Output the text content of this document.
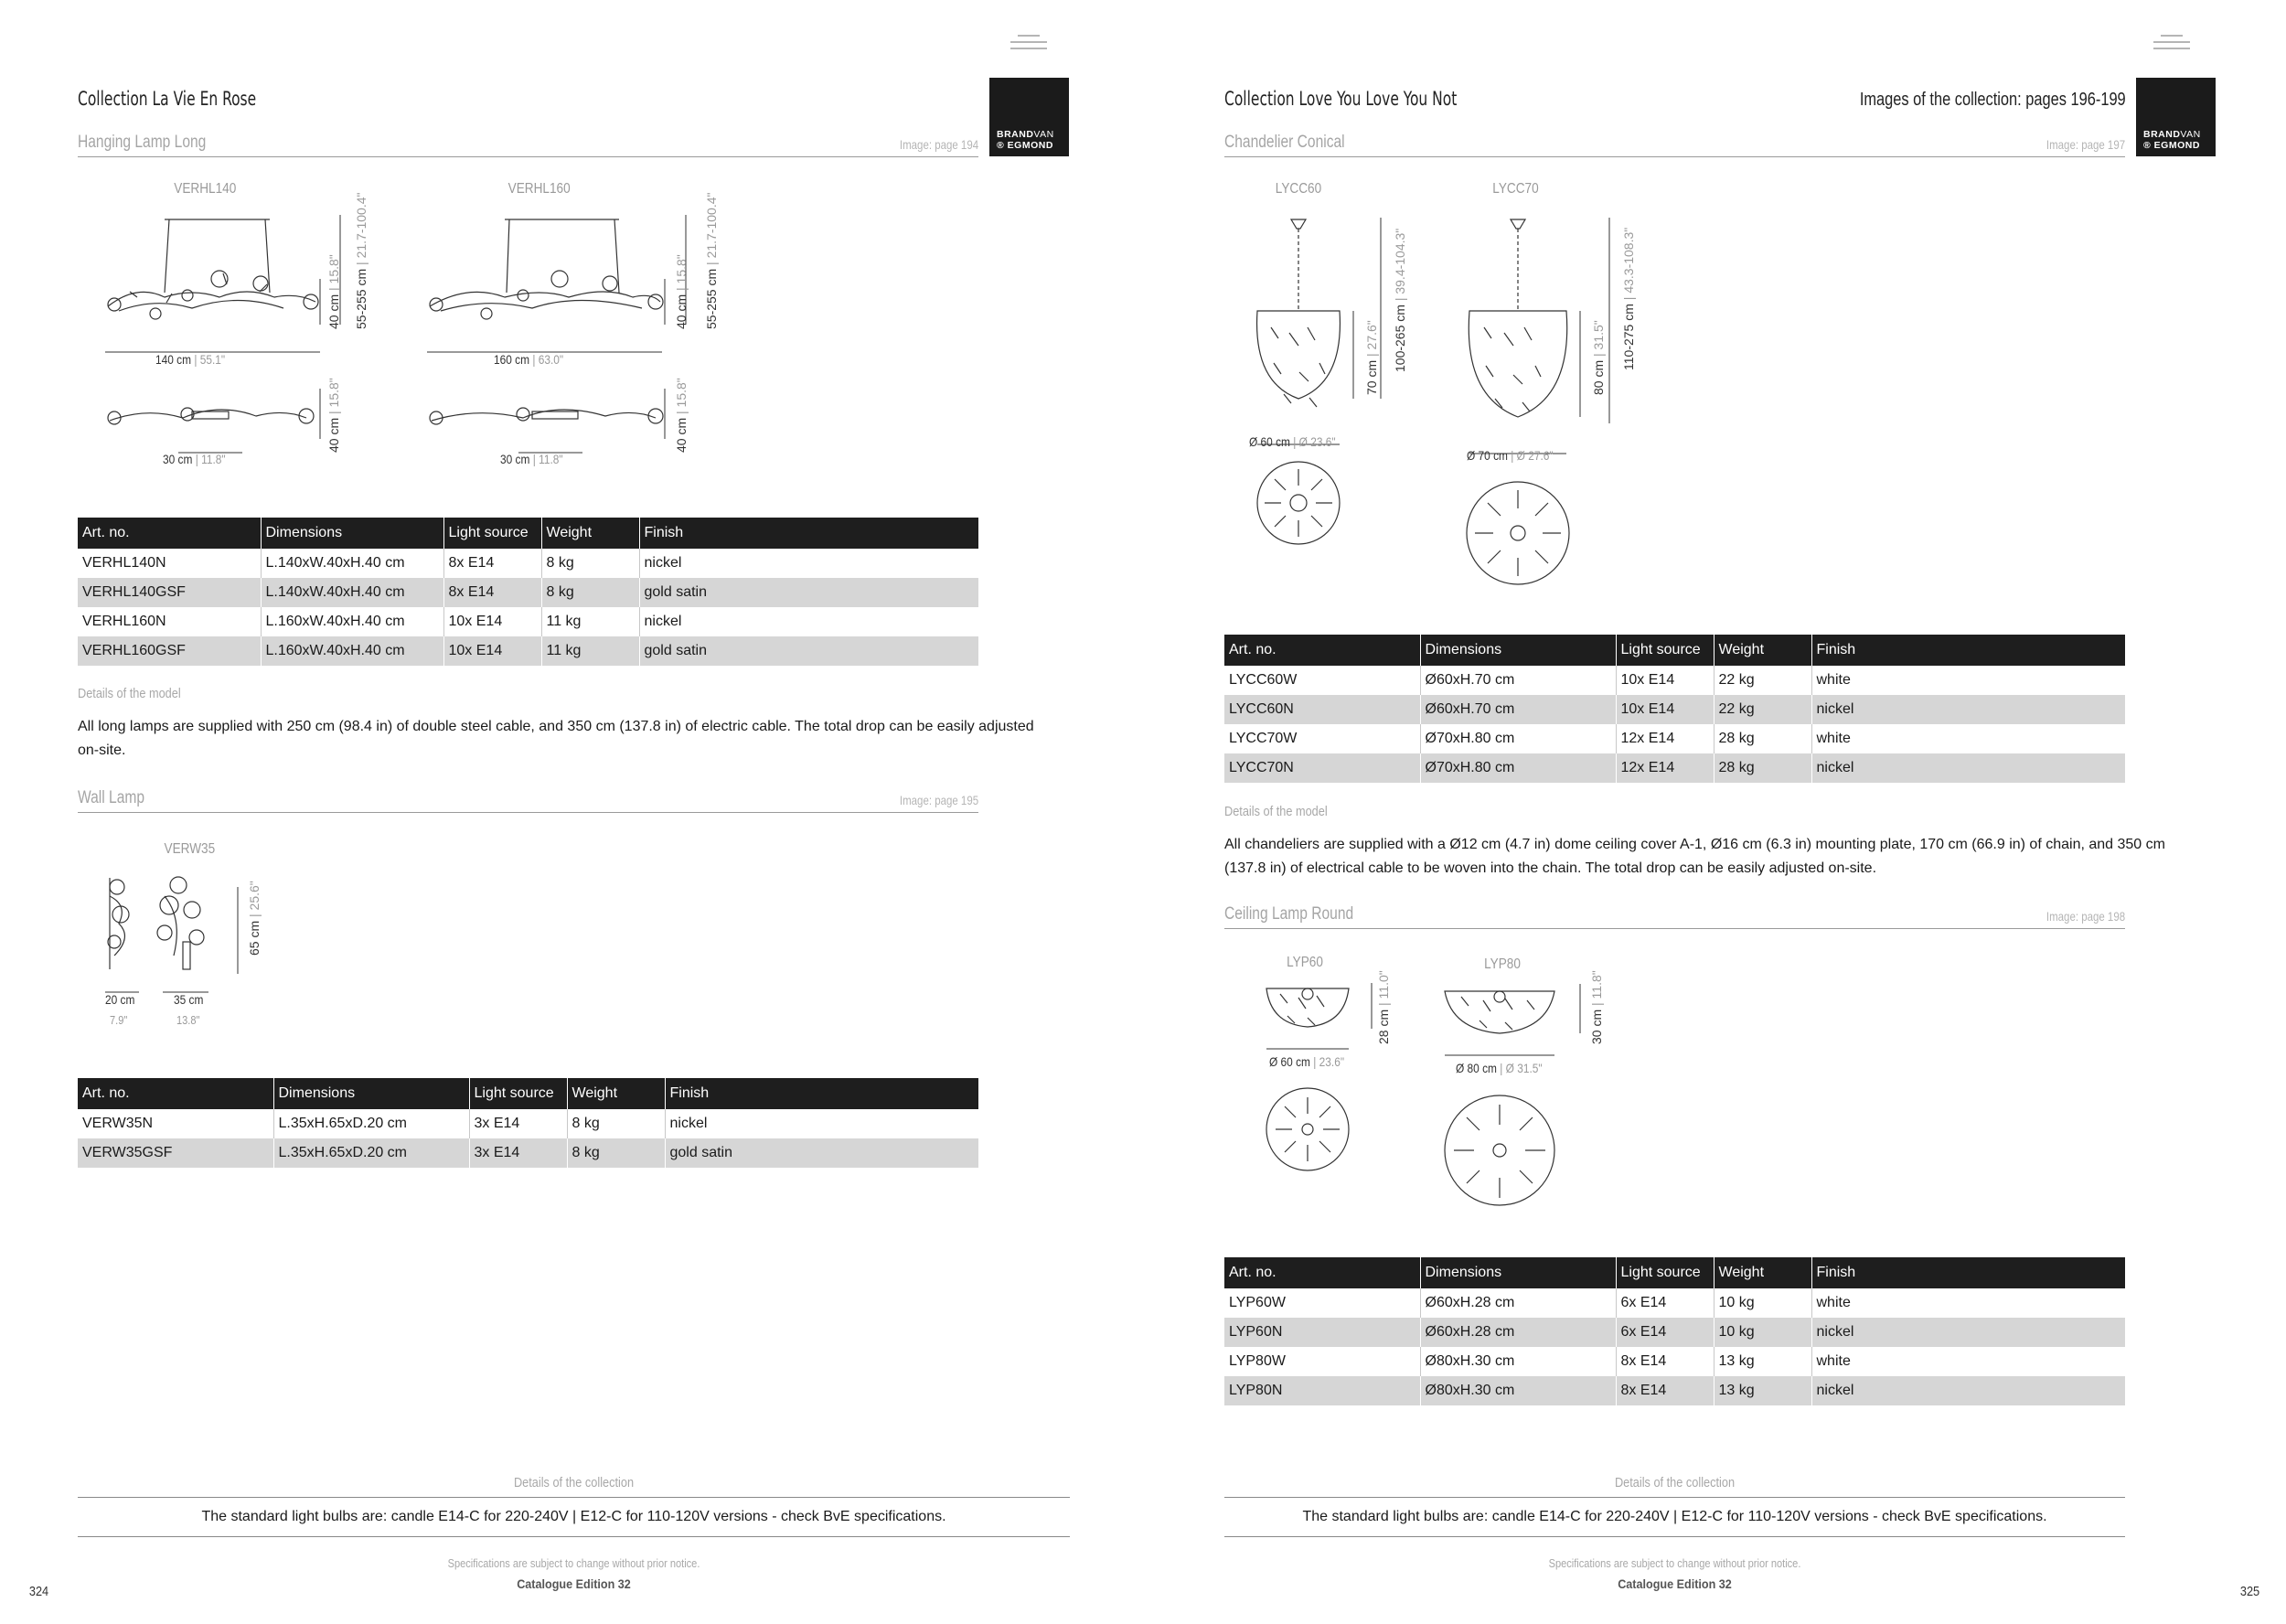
BRANDVAN
® EGMOND
Collection La Vie En Rose
Hanging Lamp Long	Image: page 194
VERHL140
140 cm | 55.1"
40 cm | 15.8" 55-255 cm | 21.7-100.4"
30 cm | 11.8"
40 cm | 15.8"
VERHL160
160 cm | 63.0"
40 cm | 15.8" 55-255 cm | 21.7-100.4"
30 cm | 11.8"
40 cm | 15.8"
Art. no.	Dimensions	Light source	Weight	Finish
VERHL140N	L.140xW.40xH.40 cm	8x E14	8 kg	nickel
VERHL140GSF	L.140xW.40xH.40 cm	8x E14	8 kg	gold satin
VERHL160N	L.160xW.40xH.40 cm	10x E14	11 kg	nickel
VERHL160GSF	L.160xW.40xH.40 cm	10x E14	11 kg	gold satin
Details of the model
All long lamps are supplied with 250 cm (98.4 in) of double steel cable, and 350 cm (137.8 in) of electric cable. The total drop can be easily adjusted on-site.
Wall Lamp	Image: page 195
VERW35
65 cm | 25.6"
20 cm
7.9"
35 cm
13.8"
Art. no.	Dimensions	Light source	Weight	Finish
VERW35N	L.35xH.65xD.20 cm	3x E14	8 kg	nickel
VERW35GSF	L.35xH.65xD.20 cm	3x E14	8 kg	gold satin
Details of the collection
The standard light bulbs are: candle E14-C for 220-240V | E12-C for 110-120V versions - check BvE specifications.
Specifications are subject to change without prior notice.
Catalogue Edition 32
324
BRANDVAN
® EGMOND
Collection Love You Love You Not	Images of the collection: pages 196-199
Chandelier Conical	Image: page 197
LYCC60
Ø 60 cm | Ø 23.6"
70 cm | 27.6" 100-265 cm | 39.4-104.3"
LYCC70
Ø 70 cm | Ø 27.6"
80 cm | 31.5" 110-275 cm | 43.3-108.3"
Art. no.	Dimensions	Light source	Weight	Finish
LYCC60W	Ø60xH.70 cm	10x E14	22 kg	white
LYCC60N	Ø60xH.70 cm	10x E14	22 kg	nickel
LYCC70W	Ø70xH.80 cm	12x E14	28 kg	white
LYCC70N	Ø70xH.80 cm	12x E14	28 kg	nickel
Details of the model
All chandeliers are supplied with a Ø12 cm (4.7 in) dome ceiling cover A-1, Ø16 cm (6.3 in) mounting plate, 170 cm (66.9 in) of chain, and 350 cm (137.8 in) of electrical cable to be woven into the chain. The total drop can be easily adjusted on-site.
Ceiling Lamp Round	Image: page 198
LYP60
Ø 60 cm | 23.6"
28 cm | 11.0"
LYP80
Ø 80 cm | Ø 31.5"
30 cm | 11.8"
Art. no.	Dimensions	Light source	Weight	Finish
LYP60W	Ø60xH.28 cm	6x E14	10 kg	white
LYP60N	Ø60xH.28 cm	6x E14	10 kg	nickel
LYP80W	Ø80xH.30 cm	8x E14	13 kg	white
LYP80N	Ø80xH.30 cm	8x E14	13 kg	nickel
Details of the collection
The standard light bulbs are: candle E14-C for 220-240V | E12-C for 110-120V versions - check BvE specifications.
Specifications are subject to change without prior notice.
Catalogue Edition 32	325
